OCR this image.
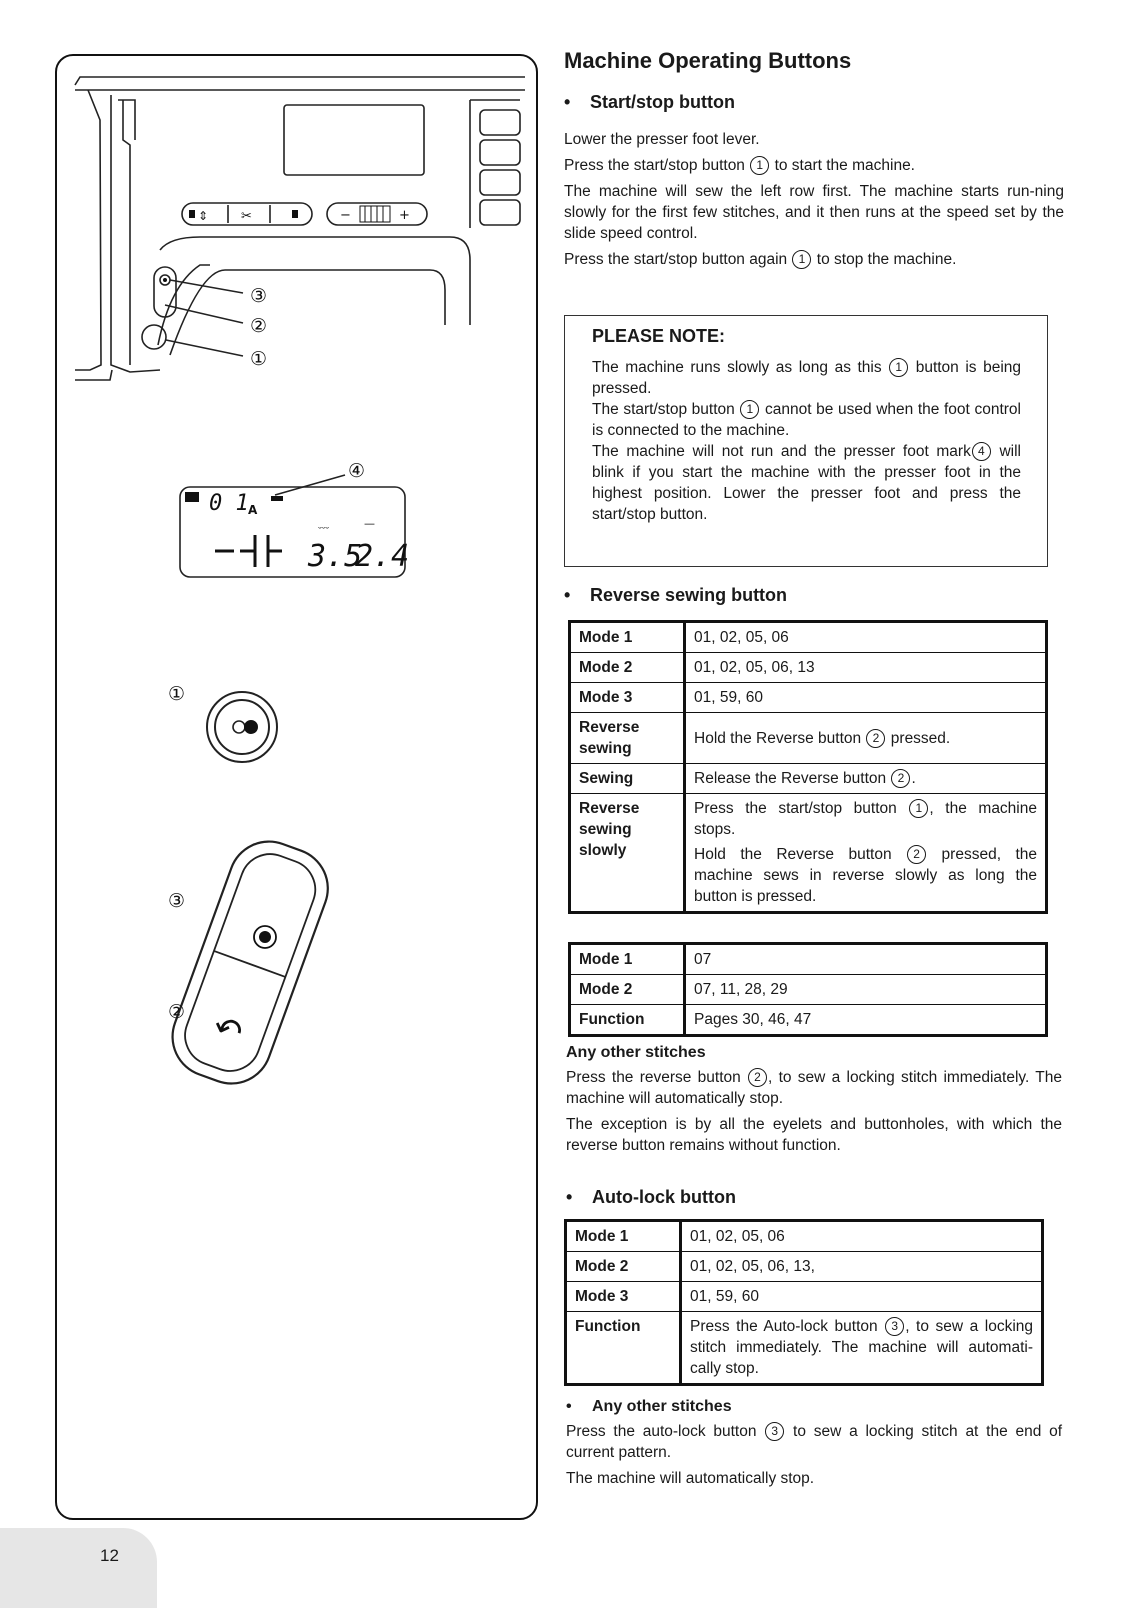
⇕	✂	−	+
0 1 A
3.5
2.4
﹏	—
↶
③
②
①
④
①
③
②
12
Machine Operating Buttons
• Start/stop button

Lower the presser foot lever.

Press the start/stop button 1 to start the machine.

The machine will sew the left row first. The machine starts run-ning slowly for the first few stitches, and it then runs at the speed set by the slide speed control.

Press the start/stop button again 1 to stop the machine.

PLEASE NOTE:

The machine runs slowly as long as this 1 button is being pressed.

The start/stop button 1 cannot be used when the foot control is connected to the machine.

The machine will not run and the presser foot mark 4 will blink if you start the machine with the presser foot in the highest position. Lower the presser foot and press the start/stop button.

• Reverse sewing button
Mode 1	01, 02, 05, 06
Mode 2	01, 02, 05, 06, 13
Mode 3	01, 59, 60
Reverse sewing	Hold the Reverse button 2 pressed.
Sewing	Release the Reverse button 2 .
Reverse sewing slowly	Press the start/stop button 1 , the machine stops.
Hold the Reverse button 2 pressed, the machine sews in reverse slowly as long the button is pressed.
Mode 1	07
Mode 2	07, 11, 28, 29
Function	Pages 30, 46, 47
Any other stitches

Press the reverse button 2 , to sew a locking stitch immediately. The machine will automatically stop.

The exception is by all the eyelets and buttonholes, with which the reverse button remains without function.

• Auto-lock button
Mode 1	01, 02, 05, 06
Mode 2	01, 02, 05, 06, 13,
Mode 3	01, 59, 60
Function	Press the Auto-lock button 3 , to sew a locking stitch immediately. The machine will automati-cally stop.
• Any other stitches

Press the auto-lock button 3 to sew a locking stitch at the end of current pattern.

The machine will automatically stop.
